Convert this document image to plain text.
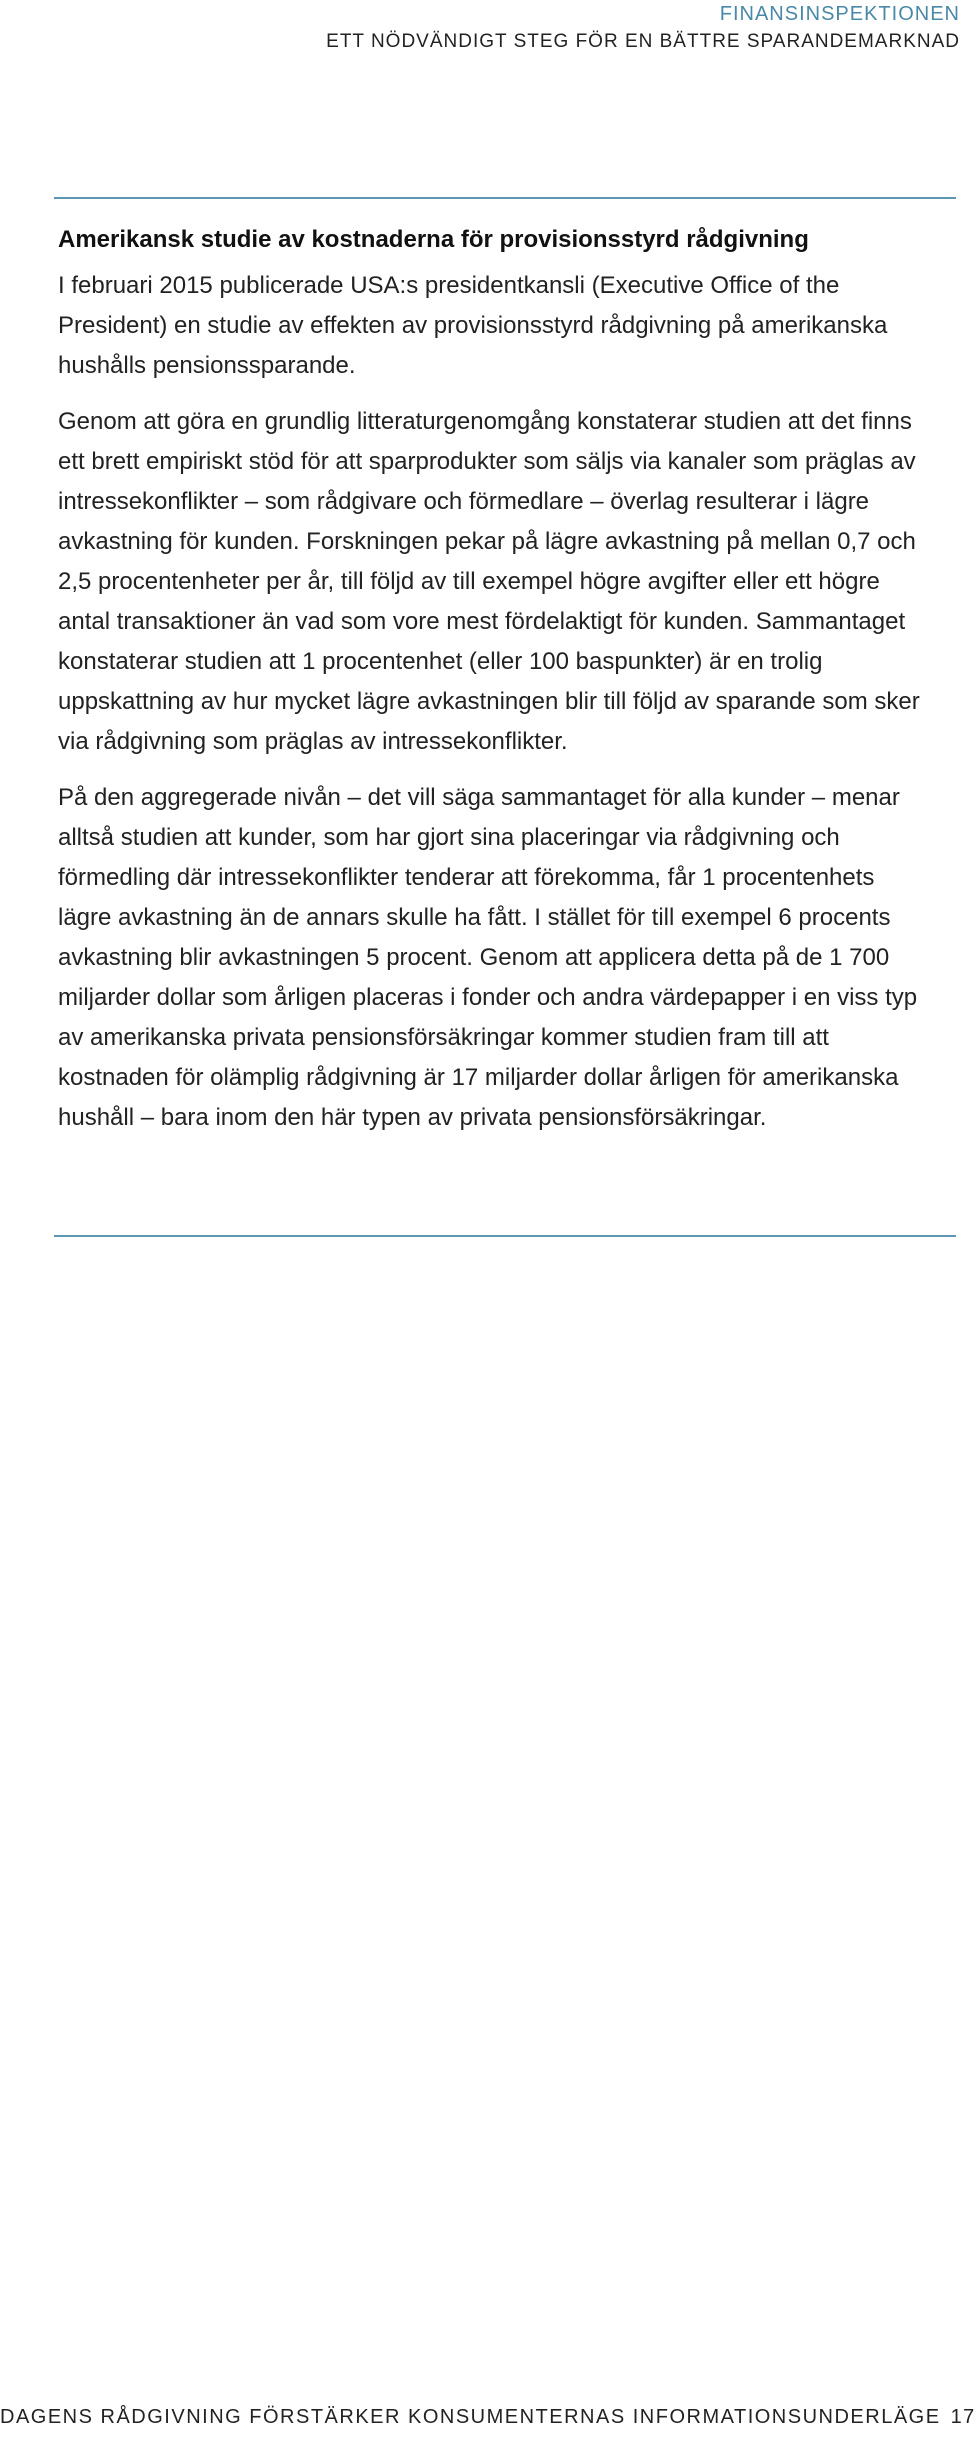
FINANSINSPEKTIONEN
ETT NÖDVÄNDIGT STEG FÖR EN BÄTTRE SPARANDEMARKNAD
Amerikansk studie av kostnaderna för provisionsstyrd rådgivning

I februari 2015 publicerade USA:s presidentkansli (Executive Office of the President) en studie av effekten av provisionsstyrd rådgivning på amerikanska hushålls pensionssparande.

Genom att göra en grundlig litteraturgenomgång konstaterar studien att det finns ett brett empiriskt stöd för att sparprodukter som säljs via kanaler som präglas av intressekonflikter – som rådgivare och förmedlare – överlag resulterar i lägre avkastning för kunden. Forskningen pekar på lägre avkastning på mellan 0,7 och 2,5 procentenheter per år, till följd av till exempel högre avgifter eller ett högre antal transaktioner än vad som vore mest fördelaktigt för kunden. Sammantaget konstaterar studien att 1 procentenhet (eller 100 baspunkter) är en trolig uppskattning av hur mycket lägre avkastningen blir till följd av sparande som sker via rådgivning som präglas av intressekonflikter.

På den aggregerade nivån – det vill säga sammantaget för alla kunder – menar alltså studien att kunder, som har gjort sina placeringar via rådgivning och förmedling där intressekonflikter tenderar att förekomma, får 1 procentenhets lägre avkastning än de annars skulle ha fått. I stället för till exempel 6 procents avkastning blir avkastningen 5 procent. Genom att applicera detta på de 1 700 miljarder dollar som årligen placeras i fonder och andra värdepapper i en viss typ av amerikanska privata pensionsförsäkringar kommer studien fram till att kostnaden för olämplig rådgivning är 17 miljarder dollar årligen för amerikanska hushåll – bara inom den här typen av privata pensionsförsäkringar.

DAGENS RÅDGIVNING FÖRSTÄRKER KONSUMENTERNAS INFORMATIONSUNDERLÄGE 17
